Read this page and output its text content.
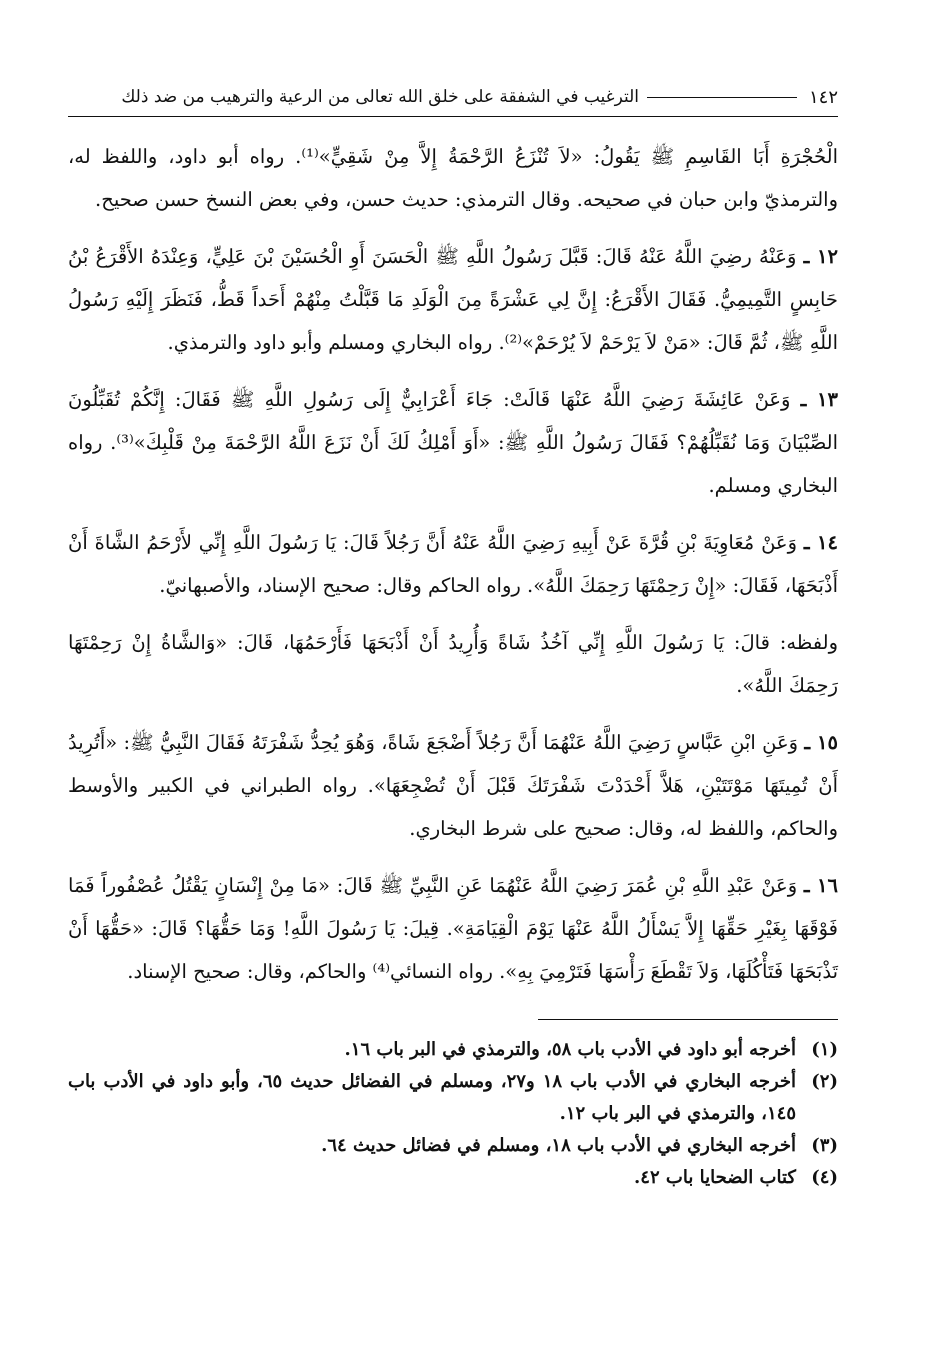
١٤٢
الترغيب في الشفقة على خلق الله تعالى من الرعية والترهيب من ضد ذلك

الْحُجْرَةِ أَبَا القَاسِمِ ﷺ يَقُولُ: «لاَ تُنْزَعُ الرَّحْمَةُ إِلاَّ مِنْ شَقِيٍّ»⁽¹⁾. رواه أبو داود، واللفظ له، والترمذيّ وابن حبان في صحيحه. وقال الترمذي: حديث حسن، وفي بعض النسخ حسن صحيح.

١٢ ـ وَعَنْهُ رضِيَ اللَّهُ عَنْهُ قَالَ: قَبَّلَ رَسُولُ اللَّهِ ﷺ الْحَسَنَ أَوِ الْحُسَيْنَ بْنَ عَلِيٍّ، وَعِنْدَهُ الأَقْرَعُ بْنُ حَابِسٍ التَّمِيمِيُّ. فَقَالَ الأَقْرَعُ: إِنَّ لِي عَشْرَةً مِنَ الْوَلَدِ مَا قَبَّلْتُ مِنْهُمْ أَحَداً قَطُّ، فَنَظَرَ إِلَيْهِ رَسُولُ اللَّهِ ﷺ، ثُمَّ قَالَ: «مَنْ لاَ يَرْحَمْ لاَ يُرْحَمْ»⁽²⁾. رواه البخاري ومسلم وأبو داود والترمذي.

١٣ ـ وَعَنْ عَائِشَةَ رَضِيَ اللَّهُ عَنْهَا قَالَتْ: جَاءَ أَعْرَابِيٌّ إِلَى رَسُولِ اللَّهِ ﷺ فَقَالَ: إِنَّكُمْ تُقَبِّلُونَ الصِّبْيَانَ وَمَا نُقَبِّلُهُمْ؟ فَقَالَ رَسُولُ اللَّهِ ﷺ: «أَوَ أَمْلِكُ لَكَ أَنْ نَزَعَ اللَّهُ الرَّحْمَةَ مِنْ قَلْبِكَ»⁽³⁾. رواه البخاري ومسلم.

١٤ ـ وَعَنْ مُعَاوِيَةَ بْنِ قُرَّةَ عَنْ أَبِيهِ رَضِيَ اللَّهُ عَنْهُ أَنَّ رَجُلاً قَالَ: يَا رَسُولَ اللَّهِ إِنِّي لأَرْحَمُ الشَّاةَ أَنْ أَذْبَحَهَا، فَقَالَ: «إِنْ رَحِمْتَهَا رَحِمَكَ اللَّهُ». رواه الحاكم وقال: صحيح الإسناد، والأصبهانيّ.

ولفظه: قالَ: يَا رَسُولَ اللَّهِ إِنِّي آخُذُ شَاةً وَأُرِيدُ أَنْ أَذْبَحَهَا فَأَرْحَمُهَا، قَالَ: «وَالشَّاةُ إِنْ رَحِمْتَهَا رَحِمَكَ اللَّهُ».

١٥ ـ وَعَنِ ابْنِ عَبَّاسٍ رَضِيَ اللَّهُ عَنْهُمَا أَنَّ رَجُلاً أَضْجَعَ شَاةً، وَهُوَ يُحِدُّ شَفْرَتَهُ فَقَالَ النَّبِيُّ ﷺ: «أَتُرِيدُ أَنْ تُمِيتَهَا مَوْتَتَيْنِ، هَلاَّ أَحْدَدْتَ شَفْرَتَكَ قَبْلَ أَنْ تُضْجِعَهَا». رواه الطبراني في الكبير والأوسط والحاكم، واللفظ له، وقال: صحيح على شرط البخاري.

١٦ ـ وَعَنْ عَبْدِ اللَّهِ بْنِ عُمَرَ رَضِيَ اللَّهُ عَنْهُمَا عَنِ النَّبِيِّ ﷺ قَالَ: «مَا مِنْ إِنْسَانٍ يَقْتُلُ عُصْفُوراً فَمَا فَوْقَهَا بِغَيْرِ حَقِّهَا إِلاَّ يَسْأَلُ اللَّهُ عَنْهَا يَوْمَ الْقِيَامَةِ». قِيلَ: يَا رَسُولَ اللَّهِ! وَمَا حَقُّهَا؟ قَالَ: «حَقُّهَا أَنْ تَذْبَحَهَا فَتَأْكُلَهَا، وَلاَ تَقْطَعَ رَأْسَهَا فَتَرْمِيَ بِهِ». رواه النسائي⁽⁴⁾ والحاكم، وقال: صحيح الإسناد.

(١)
أخرجه أبو داود في الأدب باب ٥٨، والترمذي في البر باب ١٦.
(٢)
أخرجه البخاري في الأدب باب ١٨ و٢٧، ومسلم في الفضائل حديث ٦٥، وأبو داود في الأدب باب ١٤٥، والترمذي في البر باب ١٢.
(٣)
أخرجه البخاري في الأدب باب ١٨، ومسلم في فضائل حديث ٦٤.
(٤)
كتاب الضحايا باب ٤٢.
